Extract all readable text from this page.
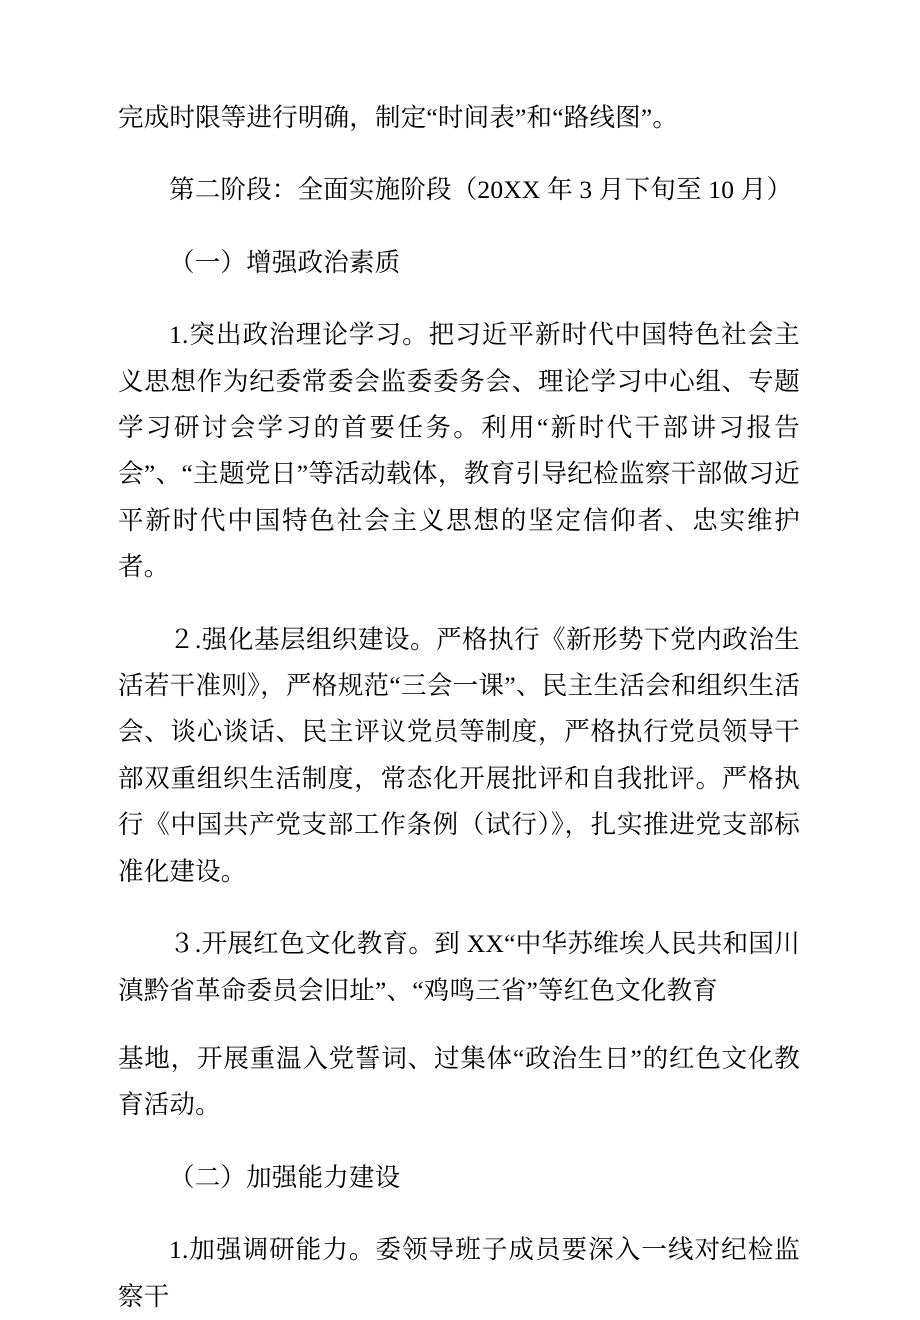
完成时限等进行明确，制定“时间表”和“路线图”。

第二阶段：全面实施阶段（20XX 年 3 月下旬至 10 月）

（一）增强政治素质

1.突出政治理论学习。把习近平新时代中国特色社会主义思想作为纪委常委会监委委务会、理论学习中心组、专题学习研讨会学习的首要任务。利用“新时代干部讲习报告会”、“主题党日”等活动载体，教育引导纪检监察干部做习近平新时代中国特色社会主义思想的坚定信仰者、忠实维护者。

２.强化基层组织建设。严格执行《新形势下党内政治生活若干准则》，严格规范“三会一课”、民主生活会和组织生活会、谈心谈话、民主评议党员等制度，严格执行党员领导干部双重组织生活制度，常态化开展批评和自我批评。严格执行《中国共产党支部工作条例（试行）》，扎实推进党支部标准化建设。

３.开展红色文化教育。到 XX“中华苏维埃人民共和国川滇黔省革命委员会旧址”、“鸡鸣三省”等红色文化教育

基地，开展重温入党誓词、过集体“政治生日”的红色文化教育活动。

（二）加强能力建设

1.加强调研能力。委领导班子成员要深入一线对纪检监察干
